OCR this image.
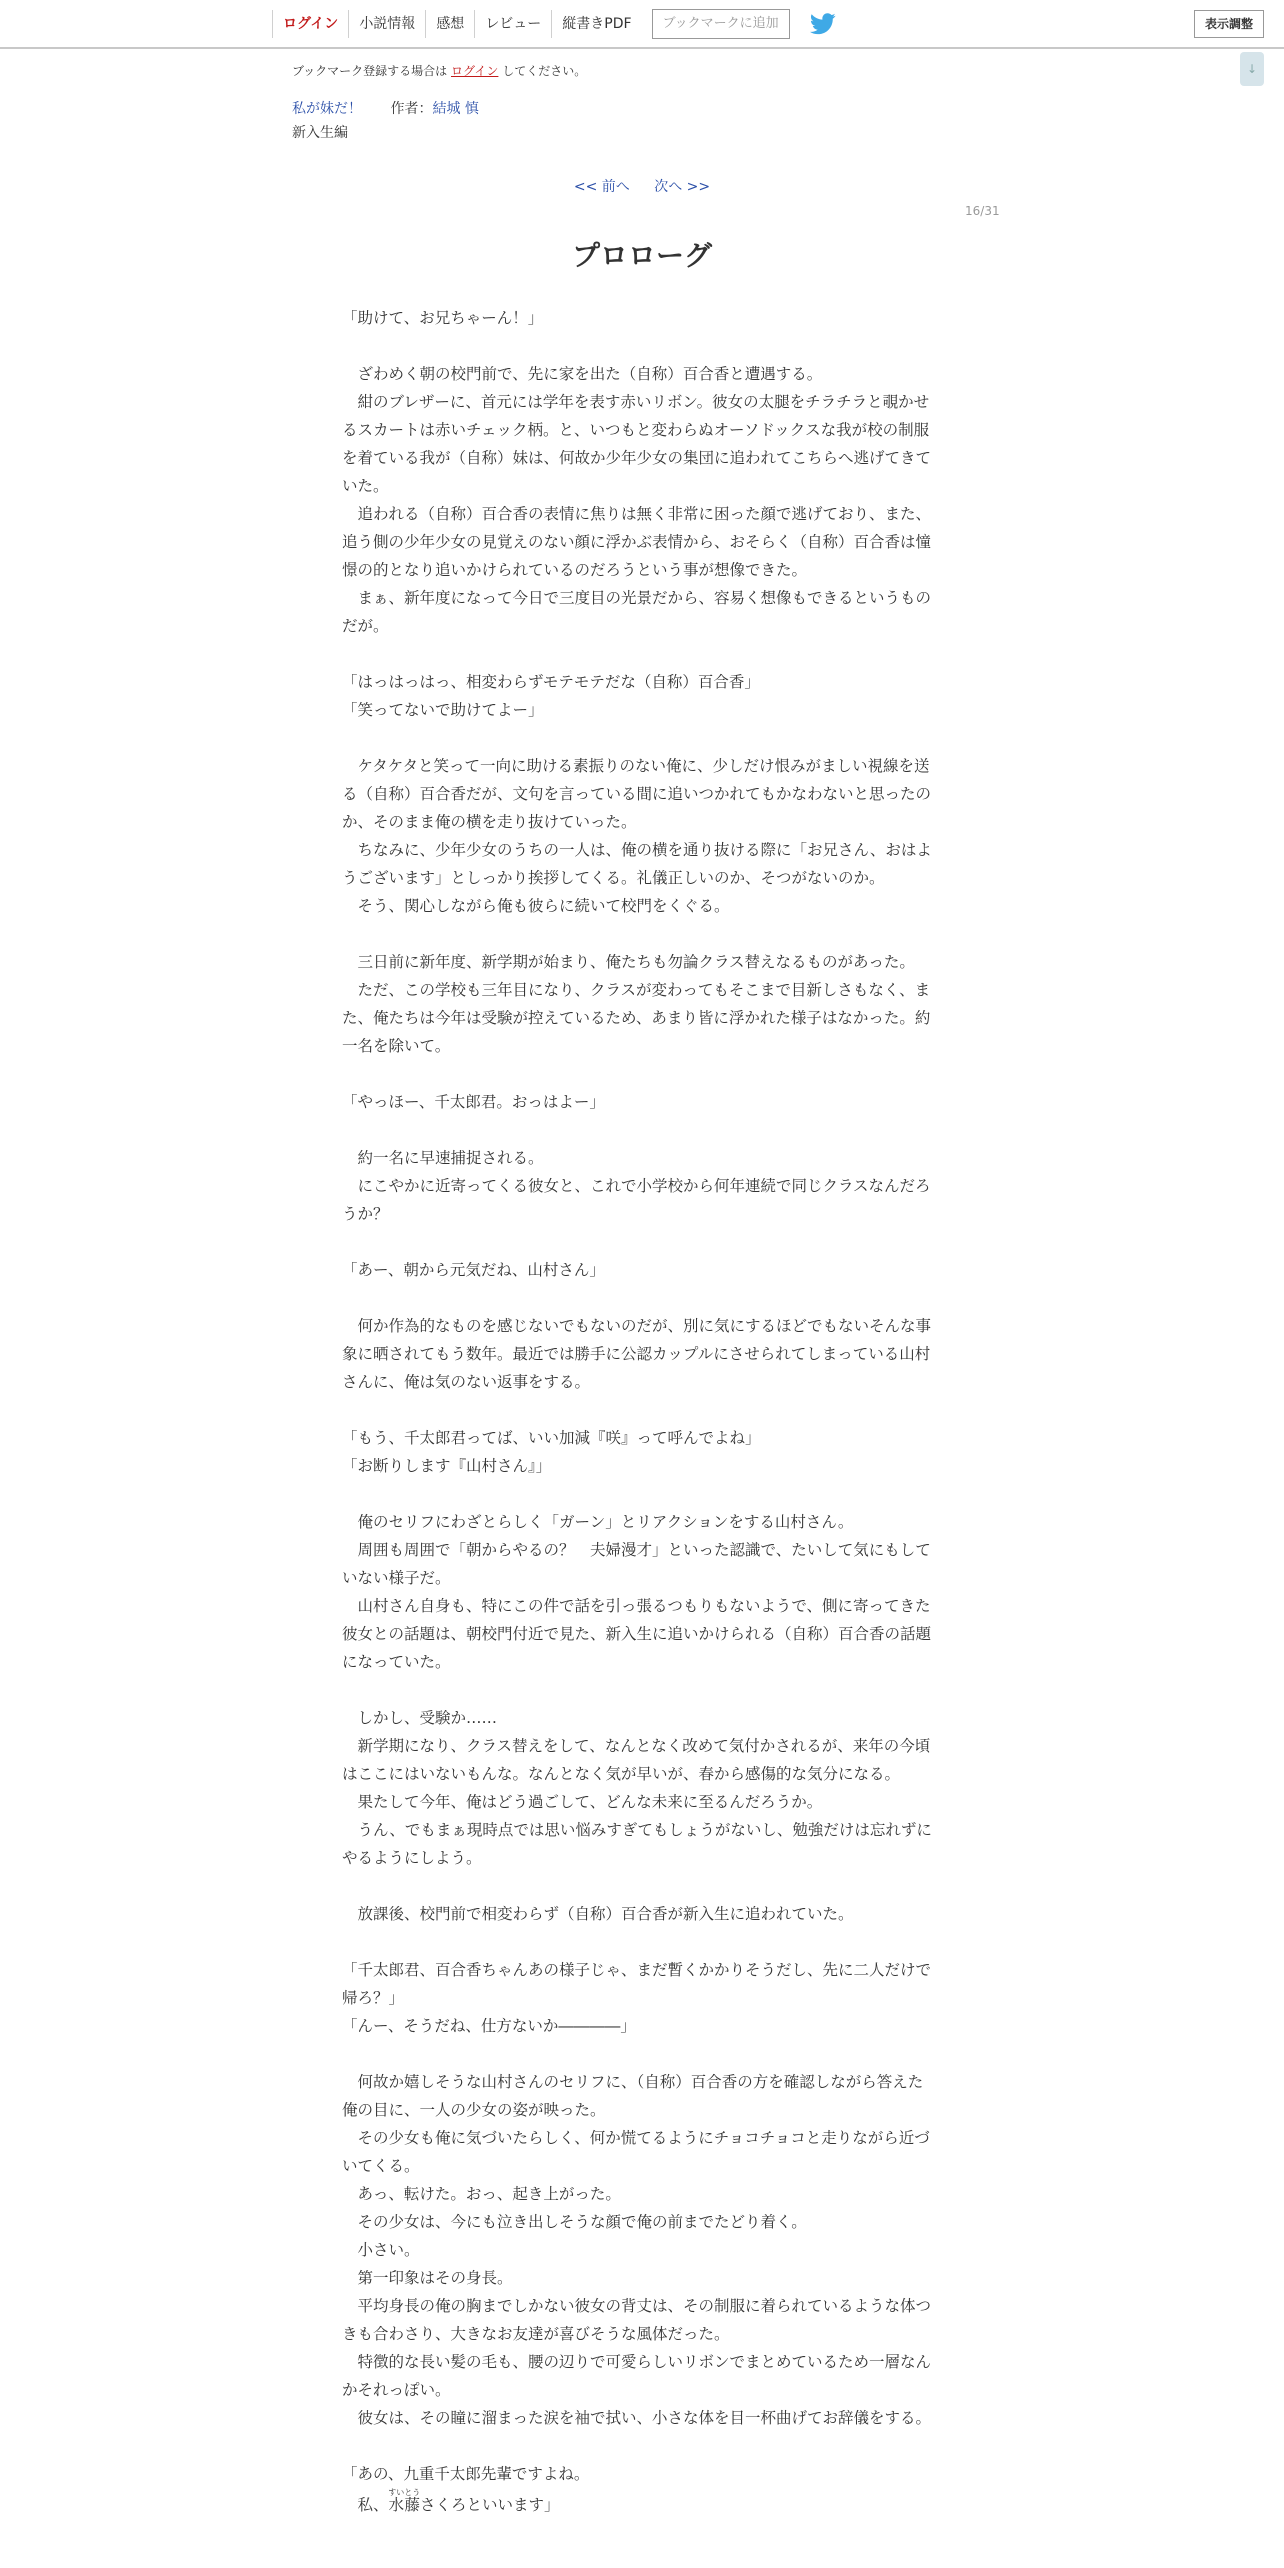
ログイン	小説情報	感想	レビュー	縦書きPDF	ブックマークに追加	表示調整
↓
ブックマーク登録する場合は ログイン してください。
私が妹だ！ 作者：結城 慎
新入生編
<< 前へ 次へ >>
16/31
プロローグ

「助けて、お兄ちゃーん！」

　ざわめく朝の校門前で、先に家を出た（自称）百合香と遭遇する。

　紺のブレザーに、首元には学年を表す赤いリボン。彼女の太腿をチラチラと覗かせるスカートは赤いチェック柄。と、いつもと変わらぬオーソドックスな我が校の制服を着ている我が（自称）妹は、何故か少年少女の集団に追われてこちらへ逃げてきていた。

　追われる（自称）百合香の表情に焦りは無く非常に困った顔で逃げており、また、追う側の少年少女の見覚えのない顔に浮かぶ表情から、おそらく（自称）百合香は憧憬の的となり追いかけられているのだろうという事が想像できた。

　まぁ、新年度になって今日で三度目の光景だから、容易く想像もできるというものだが。

「はっはっはっ、相変わらずモテモテだな（自称）百合香」

「笑ってないで助けてよー」

　ケタケタと笑って一向に助ける素振りのない俺に、少しだけ恨みがましい視線を送る（自称）百合香だが、文句を言っている間に追いつかれてもかなわないと思ったのか、そのまま俺の横を走り抜けていった。

　ちなみに、少年少女のうちの一人は、俺の横を通り抜ける際に「お兄さん、おはようございます」としっかり挨拶してくる。礼儀正しいのか、そつがないのか。

　そう、関心しながら俺も彼らに続いて校門をくぐる。

　三日前に新年度、新学期が始まり、俺たちも勿論クラス替えなるものがあった。

　ただ、この学校も三年目になり、クラスが変わってもそこまで目新しさもなく、また、俺たちは今年は受験が控えているため、あまり皆に浮かれた様子はなかった。約一名を除いて。

「やっほー、千太郎君。おっはよー」

　約一名に早速捕捉される。

　にこやかに近寄ってくる彼女と、これで小学校から何年連続で同じクラスなんだろうか？

「あー、朝から元気だね、山村さん」

　何か作為的なものを感じないでもないのだが、別に気にするほどでもないそんな事象に晒されてもう数年。最近では勝手に公認カップルにさせられてしまっている山村さんに、俺は気のない返事をする。

「もう、千太郎君ってば、いい加減『咲』って呼んでよね」

「お断りします『山村さん』」

　俺のセリフにわざとらしく「ガーン」とリアクションをする山村さん。

　周囲も周囲で「朝からやるの？　夫婦漫才」といった認識で、たいして気にもしていない様子だ。

　山村さん自身も、特にこの件で話を引っ張るつもりもないようで、側に寄ってきた彼女との話題は、朝校門付近で見た、新入生に追いかけられる（自称）百合香の話題になっていた。

　しかし、受験か……

　新学期になり、クラス替えをして、なんとなく改めて気付かされるが、来年の今頃はここにはいないもんな。なんとなく気が早いが、春から感傷的な気分になる。

　果たして今年、俺はどう過ごして、どんな未来に至るんだろうか。

　うん、でもまぁ現時点では思い悩みすぎてもしょうがないし、勉強だけは忘れずにやるようにしよう。

　放課後、校門前で相変わらず（自称）百合香が新入生に追われていた。

「千太郎君、百合香ちゃんあの様子じゃ、まだ暫くかかりそうだし、先に二人だけで帰ろ？」

「んー、そうだね、仕方ないか――――」

　何故か嬉しそうな山村さんのセリフに、（自称）百合香の方を確認しながら答えた俺の目に、一人の少女の姿が映った。

　その少女も俺に気づいたらしく、何か慌てるようにチョコチョコと走りながら近づいてくる。

　あっ、転けた。おっ、起き上がった。

　その少女は、今にも泣き出しそうな顔で俺の前までたどり着く。

　小さい。

　第一印象はその身長。

　平均身長の俺の胸までしかない彼女の背丈は、その制服に着られているような体つきも合わさり、大きなお友達が喜びそうな風体だった。

　特徴的な長い髪の毛も、腰の辺りで可愛らしいリボンでまとめているため一層なんかそれっぽい。

　彼女は、その瞳に溜まった涙を袖で拭い、小さな体を目一杯曲げてお辞儀をする。

「あの、九重千太郎先輩ですよね。

　私、水藤すいとうさくろといいます」
